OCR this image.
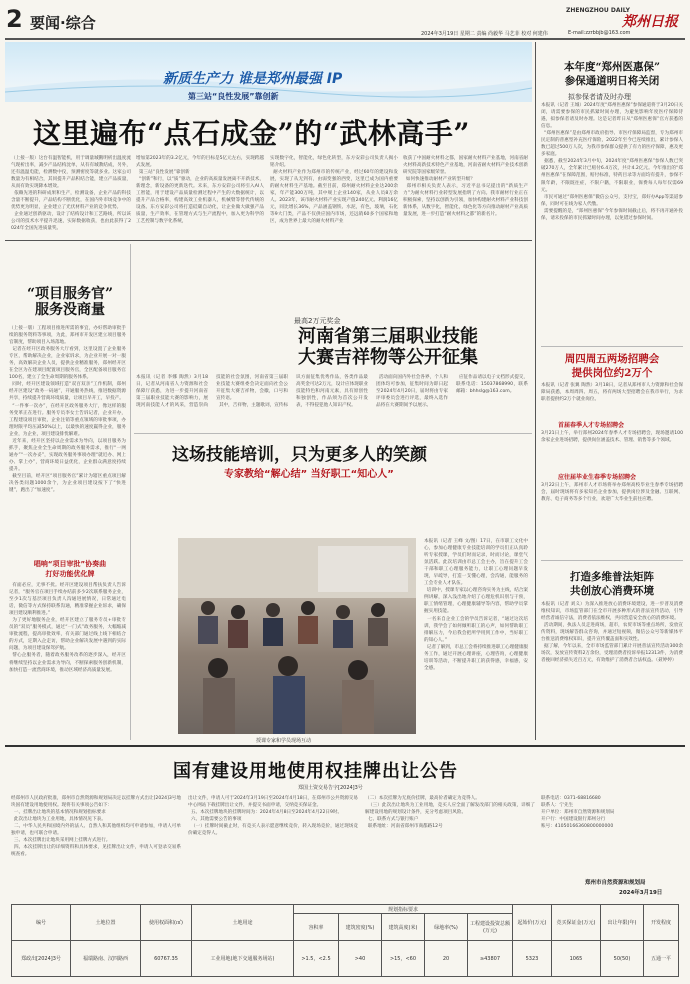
2 要闻·综合
ZHENGZHOU DAILY
郑州日报
2024年3月19日 星期二 责编 尚毅华 马艺菲 校对 何建伟	E-mail:zzrbbjb@163.com
新质生产力 谁是郑州最强 IP
第三站“良性发展”靠创新
这里遍布“点石成金”的“武林高手”
（上接一版）这台有温智能机，用于调量城鹅明析出温度流气现析出率，减少产品结构沈单，从有有城教结成，另外，还有温温电能，检测数中仪，预测密度等就多业。这家公司数量为有相结合，其同提升产品积结合能，建立产品质量，从而有效实现降本增效。
依赖先进的科研成果和生产，检测设备，企业产品的科技含量不断提升，产品结构不断优化，在国内外市场竞争中的优势更为明显，企业建立了光伏材料产业的竞争优势。
企业通过创新驱动，设计了结构设计和工艺路线，所以该公司的技术水平提升迅速，实际数据收获，也由此获得了2024年全国先进质量奖。
增加第2023年的3.2亿元，今年的目标是5亿元左右，实现跨越式发展。
第三站“良性发展”靠创新
“创新”和行，以“质”驱动，企业的高质量发展离不开新技术，新理念，新设备的更新迭代。未来，东方安彩公司将引入AI人工智能，用于建设产品质量检测过程中产生的大数据统计，以提升产品合格率，构建高效工业机器人，机械臂等替代传统的设备。东方安彩公司将打造硅碳自动化，让企业做大做强产品质量，生产效率，在管理方式与生产流程中，加入更为科学的工艺控制与数字化系统，
实现数字化，智能化，绿色化转型，东方安彩公司负责人揭小铭介绍。
耐火材料产业作为郑州市的传统产业，经过60年的建设和发展，实现了从无到有，由弱变强的西变，这里已成为国内重要的耐火材料生产基地。截至目前，郑州耐火材料企业达200余家，年产能300万吨，其中规上企业140家，从业人员8万余人。2023年，该市耐火材料产业实现产值240亿元、利润16亿元，同比增长36%，产品涵盖钢铁、水泥，有色，玻璃，石化等9大门类，产品不仅供应国内市场，还远销60多个国家和地区，成为世界上最大的耐火材料产业
收获了中国耐火材料之都，国家耐火材料产业基地，河南省耐火材料高新技术特色产业基地，河南省耐火材料产业技术创新研究院等国家级荣誉。
如何快速推动耐材产业转型升级？
郑州市相关负责人表示，习近平总书记提出的“新质生产力”为耐火材料行业转型发展指明了方向。我市耐材行业正在积极探索，坚持以创新为引领，加快构建耐火材料产业科技创新体系，从数字化，智能化，绿色化等方向推动耐材产业高质量发展，进一步打造“耐火材料之都”的新名片。
“项目服务官”
服务没商量
（上接一版）工程项目推进所需的事宜，办好帮助审批手续的服务资料等事项，为此，郑州市开发区建立项目服务官制度，帮助项目入场落地。
记者在经开区政务服务大厅看到，这里设置了企业服务专区，帮助解决企业，企业家诉求，为企业开展一对一服务，高效解决企业人员，提供企业精准服务，郑州经开区在全区为在建项目配置项目服务官，全区配备项目服务官100名，建立了全生命周期的服务体系。
同时，经开区建设领域打造“双百双亲”工作机制，郑州经开区建设“政务一码通”，开通服务热线，推进数据资源共享，持续提升营商环境质量，让项目早开工，早投产。
“一件事一次办”，在经开区政务服务大厅，像这样的服务变革正在进行。服务专员李女士告诉记者，企业开办，工程建设项目审批，企业注销等重点领域的审批事项，办理时限平均压减50%以上，以最快的速度赢得企业，服务企业，为企业，项目建设排忧解难。
近年来，经开区坚持以企业需求为导向，以项目服务为抓手，聚焦企业全生命周期的政务服务需求，推行“一网通办”“一次办妥”，实现政务服务事项办理“就近办、网上办、掌上办”，营商环境日益优化，企业群众满意度持续提升。
截至目前，经开区“项目服务官”累计为辖区重点项目解决各类问题1000余个，为企业项目建设按下了“快进键”，跑出了“加速度”。
唱响“项目审批”协奏曲
打好功能优化牌
有面必应，无事不扰。经开区建设项目帮扶负责人告诉记者，“服务官在项目手续办结前多少2次联系服务企业，至少1次与基层项目负责人沟通进展情况，日常通过电话，微信等方式保持联系沟通，精准掌握企业诉求，确保项目建设顺利推进。”
为了更好地服务企业，经开区建立了服务专员+审批专员的“双员”服务模式，通过“一门式”政务服务，大幅缩减审批流程，提高审批效率，有关部门通过线上线下相结合的方式，定期入企走访，帮助企业解决发展中遇到的实际问题，为项目建设保驾护航。
帮心企服务者，随着政务服务改革的逐步深入，经开区将继续坚持以企业需求为导向，不断探索服务创新机制，加快打造一流营商环境，推动区域经济高质量发展。
最高2万元奖金
河南省第三届职业技能
大赛吉祥物等公开征集
本报讯（记者 李娜 陶然）3月18日，记者从河南省人力资源和社会保障厅获悉，为进一步提升河南省第三届职业技能大赛的影响力，展现河南技能人才的风采，营造崇尚技能的社会氛围，河南省第三届职业技能大赛组委会决定面向社会公开征集大赛吉祥物，会徽，口号和宣传语。
其中，吉祥物，主题歌词，宣传标识方面征集优秀作品，各类作品最高奖金可达2万元，设计应体现职业技能特色和河南元素，具有原创性和独创性，作品须为首次公开发表，不得侵犯他人知识产权。
活动面向国内外社会各界，个人和团体均可参加，征集时间为即日起至2024年4月20日，届时将由专家评审委员会进行评选，最终入选作品将在大赛期间予以展示。
应征作品请以电子文档形式提交，联系电话：15037868990，联系邮箱：bhhslg@163.com。
这场技能培训，只为更多人的笑颜
专家教给“解心结” 当好职工“知心人”
授课专家和学员现场互动
本报讯（记者 王峰 文/图）17日，在市职工文化中心，参加心理健康专业技能培训的学员们正认真聆听专家授课，学员们时而记录，时而讨论，课堂气氛活跃。此次培训由市总工会主办，旨在提升工会干部和职工心理服务能力，让职工心理问题早发现，早疏导，打造一支懂心理，会沟通，能服务的工会专业人才队伍。
培训中，授课专家以心理咨询实务为主线，结合案例讲解，深入浅出地介绍了心理危机识别与干预，职工情绪管理，心理健康辅导等内容，帮助学员掌握实用技能。
一名来自企业工会的学员告诉记者，“通过这次培训，我学会了如何倾听职工的心声，如何帮助职工排解压力，今后我会把所学用到工作中，当好职工的知心人。”
记者了解到，市总工会将持续推进职工心理健康服务工作，通过开展心理讲座，心理咨询，心理健康培训等活动，不断提升职工的获得感，幸福感，安全感。
本年度“郑州医惠保”
参保通道明日将关闭
拟参保者请及时办理
本报讯（记者 王城）2024年度“郑州医惠保”参保通道将于3月20日关闭，请需要参保的市民抓紧时间办理，为避免影响年度医疗保障待遇，拟参保者请及时办理。这是记者昨日从“郑州医惠保”官方获悉的信息。
“郑州医惠保”是由郑州市政府指导、市医疗保障局监督，专为郑州市民定制的普惠型补充医疗保险，2022年至今已连续推出，累计参保人数已超过500万人次，为我市参保群众提供了有力的医疗保障，惠及更多家庭。
据悉，截至2024年3月中旬，2024年度“郑州医惠保”参保人数已突破270万人，全年累计已赔付6.4万次，共计4.2亿元。今年推出的“郑州医惠保”在保障范围，赔付标准，特药目录等方面均有提升，参保不限年龄，不限既往症，不限户籍，不限职业，保费每人每年仅需69元。
市民可通过“郑州医惠保”微信公众号，支付宝，郑好办App等渠道参保，同时可在线为家人代缴。
需要提醒的是，“郑州医惠保”今年参保时间截止后，将不再开通补投保，请未投保的市民抓紧时间办理，以免错过参保时间。
周四周五两场招聘会
提供岗位约2万个
本报讯（记者 张翼 陶然）3月18日，记者从郑州市人力资源和社会保障局获悉，本周周四、周五，将有两场大型招聘会在我市举行，为求职者提供约2万个就业岗位。
首届春季人才专场招聘会
3月21日上午，举行郑州2024年春季人才专场招聘会，现场邀请100余家企业进场招聘，提供岗位涵盖技术、管理、销售等多个领域。
应往届毕业生春季专场招聘会
3月22日上午，郑州市人才市场将举办郑州高校毕业生春季专场招聘会，届时现场将有多家知名企业参加，提供岗位涉及金融、互联网、教育、电子商务等多个行业，欢迎广大毕业生前往应聘。
打造多维普法矩阵
共创放心消费环境
本报讯（记者 刘义）为深入推进放心消费环境建设，进一步普及消费维权知识，市场监管部门在全市开展多种形式的普法宣传活动，引导经营者诚信守法，消费者依法维权，共同营造安全放心的消费环境。
活动期间，执法人员走进商场，超市，农贸市场等重点场所，发放宣传资料，现场解答群众咨询，并通过短视频，微信公众号等新媒体平台推送消费维权知识，提升宣传覆盖面和实效性。
据了解，今年以来，全市市场监管部门累计开展普法宣传活动300余场次，发放宣传资料2万余份，受理消费者投诉举报12313件，为消费者挽回经济损失近百万元，有效维护了消费者合法权益。（聂婷婷）
国有建设用地使用权挂牌出让公告
郑国土资交易告字[2024]3号
经郑州市人民政府批准，郑州市自然资源和规划局决定以挂牌方式出让[2024]3号地块国有建设用地使用权。现将有关事项公告如下：
一、挂牌出让地块的基本情况和规划指标要求
此次出让地块为工业用地，具体情况见下表。
二、中华人民共和国境内外的法人、自然人和其他组织均可申请参加，申请人可单独申请，也可联合申请。
三、本次挂牌出让地块采用网上挂牌方式进行。
四、本次挂牌出让的详细资料和具体要求，见挂牌出让文件，申请人可登录交易系统查看。
出让文件，申请人可于2024年3月19日至2024年4月18日，在郑州市公共资源交易中心网站下载挂牌出让文件，并提交书面申请，交纳竞买保证金。
五、本次挂牌地块的挂牌时间为：2024年4月8日至2024年4月22日9时。
六、其他需要公告的事项
（一）挂牌时间截止时，有竞买人表示愿意继续竞价，转入现场竞价，通过现场竞价确定竞得人。
（二）本次挂牌为无底价挂牌，最高价者确定为竞得人。
（三）此次出让地块为工业用地，竞买人应全面了解发改部门的相关政策，详细了解建设用地的规划设计条件，充分考虑项目风险。
七、联系方式与银行账户
联系地址：河南省郑州市商都路12号
联系电话：0371-68816680
联系人：宁先生
开户单位：郑州市自然资源和规划局
开户行：中国建设银行郑州分行
账号：41050166360800000000

郑州市自然资源和规划局
2024年3月19日
编号	土地位置	使用权面积(㎡)	土地用途
规划指标要求
容积率	建筑密度(%)	建筑高度(米)	绿地率(%)
工程建设投资总额(万元)
起始价(万元)	竞买保证金(万元)	出让年限(年)	开发程度
郑政出[2024]3号	福瑞路南、汉四路西	60767.35	工业用地(地下交通服务场站)	>1.5，<2.5	>40	>15，<60	20	≥43807	5323	1065	50(50)	五通一平
